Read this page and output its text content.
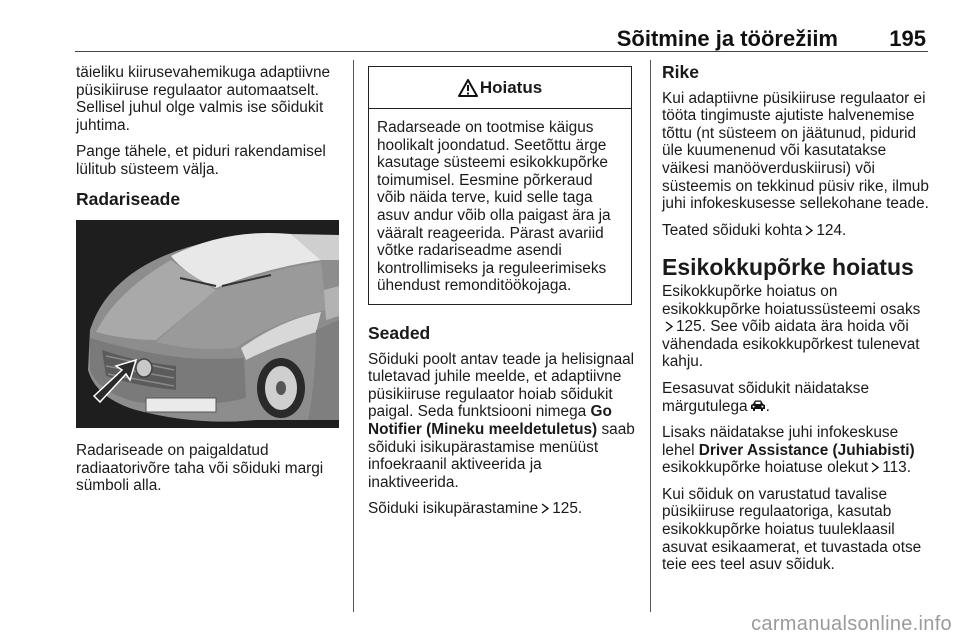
Sõitmine ja töörežiim 195

täieliku kiirusevahemikuga adaptiivne püsikiiruse regulaator automaatselt. Sellisel juhul olge valmis ise sõidukit juhtima.

Pange tähele, et piduri rakendamisel lülitub süsteem välja.

Radariseade

Radariseade on paigaldatud radiaatorivõre taha või sõiduki margi sümboli alla.

Hoiatus
Radarseade on tootmise käigus hoolikalt joondatud. Seetõttu ärge kasutage süsteemi esikokkupõrke toimumisel. Eesmine põrkeraud võib näida terve, kuid selle taga asuv andur võib olla paigast ära ja vääralt reageerida. Pärast avariid võtke radariseadme asendi kontrollimiseks ja reguleerimiseks ühendust remonditöökojaga.
Seaded

Sõiduki poolt antav teade ja helisignaal tuletavad juhile meelde, et adaptiivne püsikiiruse regulaator hoiab sõidukit paigal. Seda funktsiooni nimega Go Notifier (Mineku meeldetuletus) saab sõiduki isikupärastamise menüüst infoekraanil aktiveerida ja inaktiveerida.

Sõiduki isikupärastamine 125.

Rike

Kui adaptiivne püsikiiruse regulaator ei tööta tingimuste ajutiste halvenemise tõttu (nt süsteem on jäätunud, pidurid üle kuumenenud või kasutatakse väikesi manööverduskiirusi) või süsteemis on tekkinud püsiv rike, ilmub juhi infokeskusesse sellekohane teade.

Teated sõiduki kohta 124.

Esikokkupõrke hoiatus

Esikokkupõrke hoiatus on esikokkupõrke hoiatussüsteemi osaks125. See võib aidata ära hoida või vähendada esikokkupõrkest tulenevat kahju.

Eesasuvat sõidukit näidatakse märgutulega .

Lisaks näidatakse juhi infokeskuse lehel Driver Assistance (Juhiabisti) esikokkupõrke hoiatuse olekut 113.

Kui sõiduk on varustatud tavalise püsikiiruse regulaatoriga, kasutab esikokkupõrke hoiatus tuuleklaasil asuvat esikaamerat, et tuvastada otse teie ees teel asuv sõiduk.

carmanualsonline.info
